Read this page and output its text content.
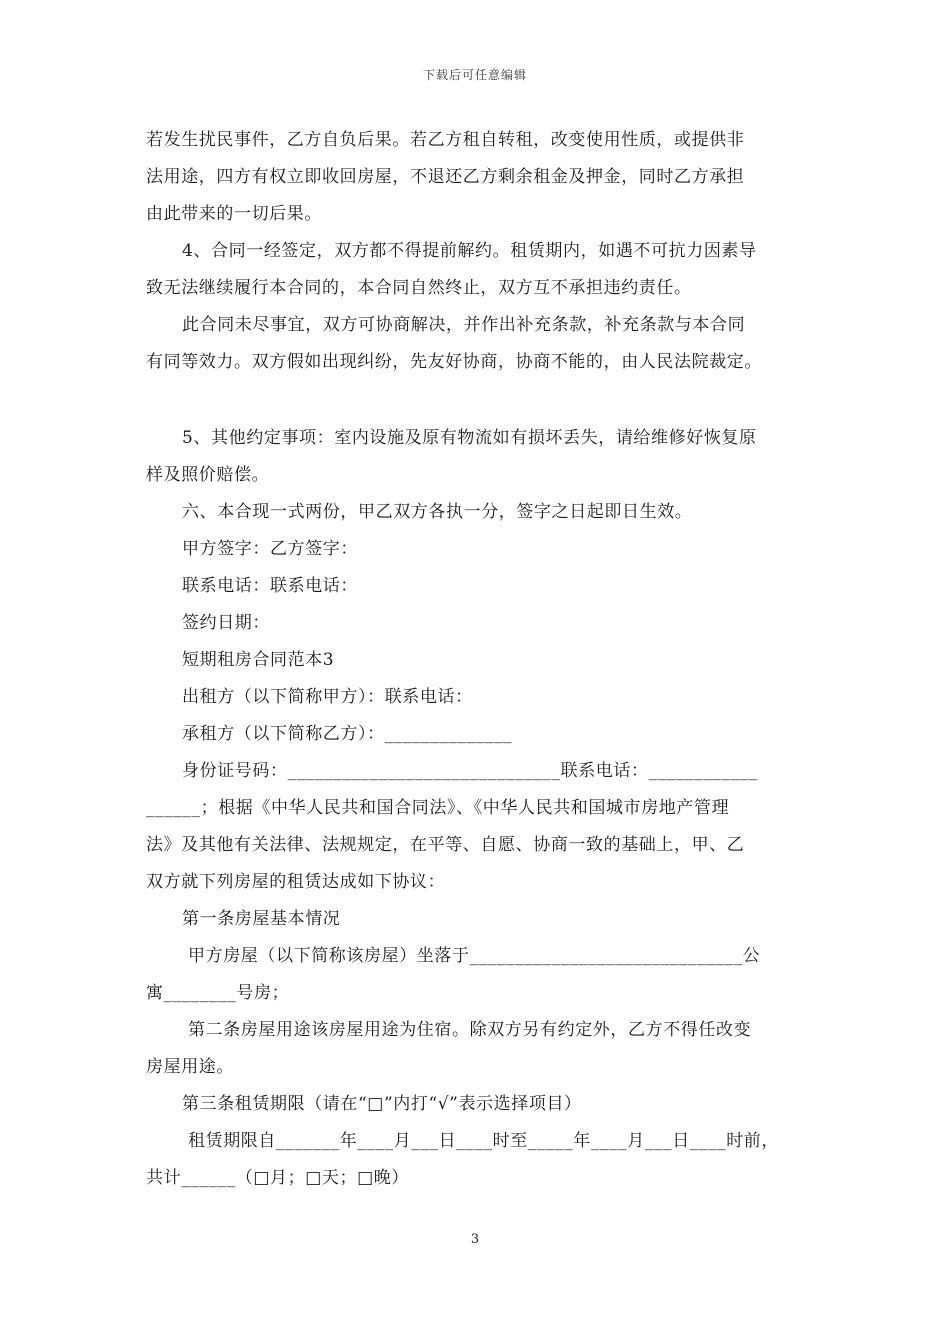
下载后可任意编辑
若发生扰民事件，乙方自负后果。若乙方租自转租，改变使用性质，或提供非
法用途，四方有权立即收回房屋，不退还乙方剩余租金及押金，同时乙方承担
由此带来的一切后果。
4、合同一经签定，双方都不得提前解约。租赁期内，如遇不可抗力因素导
致无法继续履行本合同的，本合同自然终止，双方互不承担违约责任。
此合同未尽事宜，双方可协商解决，并作出补充条款，补充条款与本合同
有同等效力。双方假如出现纠纷，先友好协商，协商不能的，由人民法院裁定。
5、其他约定事项：室内设施及原有物流如有损坏丢失，请给维修好恢复原
样及照价赔偿。
六、本合现一式两份，甲乙双方各执一分，签字之日起即日生效。
甲方签字：乙方签字：
联系电话：联系电话：
签约日期：
短期租房合同范本3
出租方（以下简称甲方）：联系电话：
承租方（以下简称乙方）：______________
身份证号码：______________________________联系电话：____________
______；根据《中华人民共和国合同法》、《中华人民共和国城市房地产管理
法》及其他有关法律、法规规定，在平等、自愿、协商一致的基础上，甲、乙
双方就下列房屋的租赁达成如下协议：
第一条房屋基本情况
甲方房屋（以下简称该房屋）坐落于______________________________公
寓________号房；
第二条房屋用途该房屋用途为住宿。除双方另有约定外，乙方不得任改变
房屋用途。
第三条租赁期限（请在“□”内打“√”表示选择项目）
租赁期限自_______年____月___日____时至_____年____月___日____时前，
共计______（□月；□天；□晚）
3
